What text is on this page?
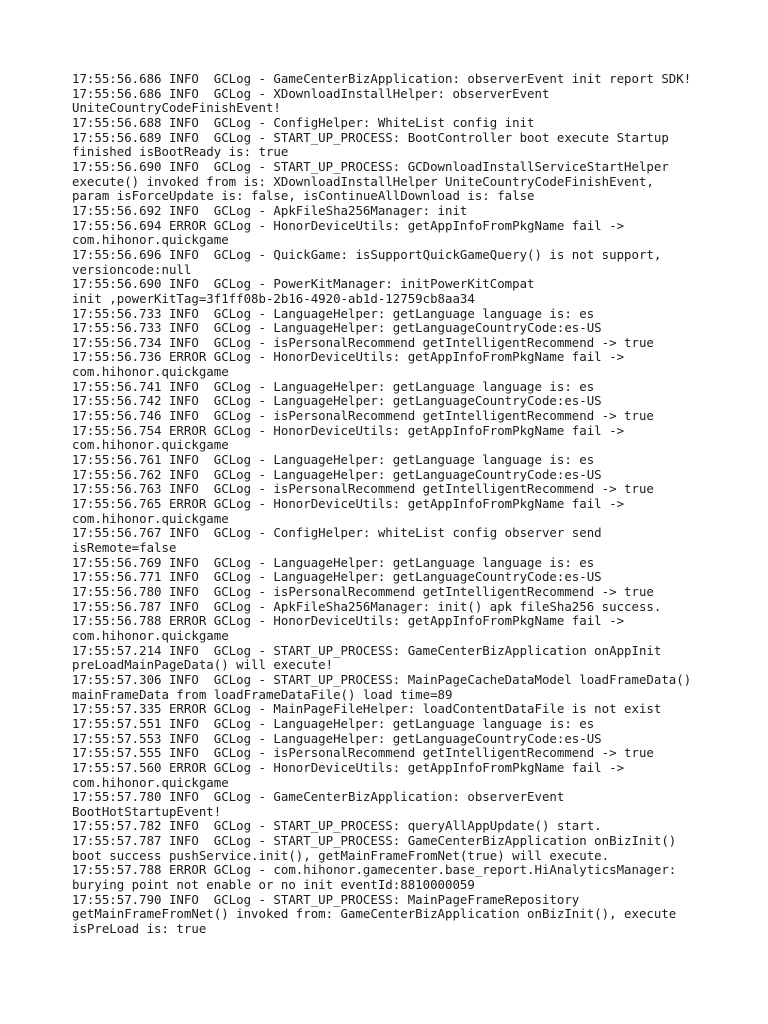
17:55:56.686 INFO  GCLog - GameCenterBizApplication: observerEvent init report SDK!
17:55:56.686 INFO  GCLog - XDownloadInstallHelper: observerEvent
UniteCountryCodeFinishEvent!
17:55:56.688 INFO  GCLog - ConfigHelper: WhiteList config init
17:55:56.689 INFO  GCLog - START_UP_PROCESS: BootController boot execute Startup
finished isBootReady is: true
17:55:56.690 INFO  GCLog - START_UP_PROCESS: GCDownloadInstallServiceStartHelper
execute() invoked from is: XDownloadInstallHelper UniteCountryCodeFinishEvent,
param isForceUpdate is: false, isContinueAllDownload is: false
17:55:56.692 INFO  GCLog - ApkFileSha256Manager: init
17:55:56.694 ERROR GCLog - HonorDeviceUtils: getAppInfoFromPkgName fail ->
com.hihonor.quickgame
17:55:56.696 INFO  GCLog - QuickGame: isSupportQuickGameQuery() is not support,
versioncode:null
17:55:56.690 INFO  GCLog - PowerKitManager: initPowerKitCompat
init ,powerKitTag=3f1ff08b-2b16-4920-ab1d-12759cb8aa34
17:55:56.733 INFO  GCLog - LanguageHelper: getLanguage language is: es
17:55:56.733 INFO  GCLog - LanguageHelper: getLanguageCountryCode:es-US
17:55:56.734 INFO  GCLog - isPersonalRecommend getIntelligentRecommend -> true
17:55:56.736 ERROR GCLog - HonorDeviceUtils: getAppInfoFromPkgName fail ->
com.hihonor.quickgame
17:55:56.741 INFO  GCLog - LanguageHelper: getLanguage language is: es
17:55:56.742 INFO  GCLog - LanguageHelper: getLanguageCountryCode:es-US
17:55:56.746 INFO  GCLog - isPersonalRecommend getIntelligentRecommend -> true
17:55:56.754 ERROR GCLog - HonorDeviceUtils: getAppInfoFromPkgName fail ->
com.hihonor.quickgame
17:55:56.761 INFO  GCLog - LanguageHelper: getLanguage language is: es
17:55:56.762 INFO  GCLog - LanguageHelper: getLanguageCountryCode:es-US
17:55:56.763 INFO  GCLog - isPersonalRecommend getIntelligentRecommend -> true
17:55:56.765 ERROR GCLog - HonorDeviceUtils: getAppInfoFromPkgName fail ->
com.hihonor.quickgame
17:55:56.767 INFO  GCLog - ConfigHelper: whiteList config observer send
isRemote=false
17:55:56.769 INFO  GCLog - LanguageHelper: getLanguage language is: es
17:55:56.771 INFO  GCLog - LanguageHelper: getLanguageCountryCode:es-US
17:55:56.780 INFO  GCLog - isPersonalRecommend getIntelligentRecommend -> true
17:55:56.787 INFO  GCLog - ApkFileSha256Manager: init() apk fileSha256 success.
17:55:56.788 ERROR GCLog - HonorDeviceUtils: getAppInfoFromPkgName fail ->
com.hihonor.quickgame
17:55:57.214 INFO  GCLog - START_UP_PROCESS: GameCenterBizApplication onAppInit
preLoadMainPageData() will execute!
17:55:57.306 INFO  GCLog - START_UP_PROCESS: MainPageCacheDataModel loadFrameData()
mainFrameData from loadFrameDataFile() load time=89
17:55:57.335 ERROR GCLog - MainPageFileHelper: loadContentDataFile is not exist
17:55:57.551 INFO  GCLog - LanguageHelper: getLanguage language is: es
17:55:57.553 INFO  GCLog - LanguageHelper: getLanguageCountryCode:es-US
17:55:57.555 INFO  GCLog - isPersonalRecommend getIntelligentRecommend -> true
17:55:57.560 ERROR GCLog - HonorDeviceUtils: getAppInfoFromPkgName fail ->
com.hihonor.quickgame
17:55:57.780 INFO  GCLog - GameCenterBizApplication: observerEvent
BootHotStartupEvent!
17:55:57.782 INFO  GCLog - START_UP_PROCESS: queryAllAppUpdate() start.
17:55:57.787 INFO  GCLog - START_UP_PROCESS: GameCenterBizApplication onBizInit()
boot success pushService.init(), getMainFrameFromNet(true) will execute.
17:55:57.788 ERROR GCLog - com.hihonor.gamecenter.base_report.HiAnalyticsManager:
burying point not enable or no init eventId:8810000059
17:55:57.790 INFO  GCLog - START_UP_PROCESS: MainPageFrameRepository
getMainFrameFromNet() invoked from: GameCenterBizApplication onBizInit(), execute
isPreLoad is: true
